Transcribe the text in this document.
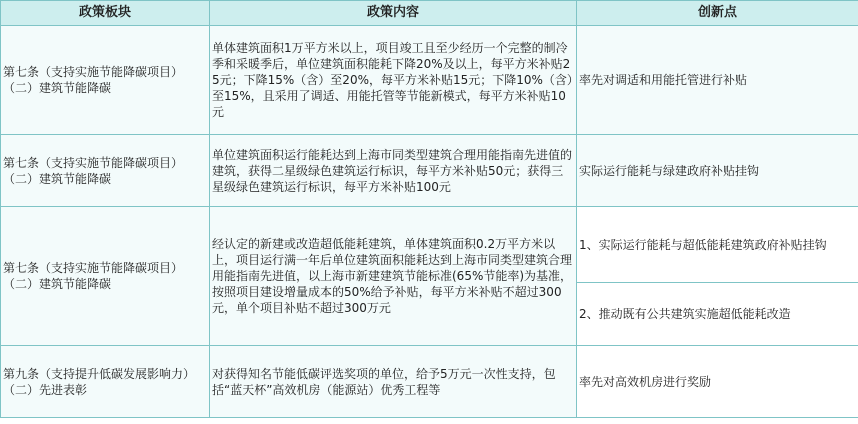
政策板块	政策内容	创新点
第七条（支持实施节能降碳项目）（二）建筑节能降碳	单体建筑面积1万平方米以上，项目竣工且至少经历一个完整的制冷季和采暖季后，单位建筑面积能耗下降20%及以上，每平方米补贴25元；下降15%（含）至20%，每平方米补贴15元；下降10%（含）至15%，且采用了调适、用能托管等节能新模式，每平方米补贴10元	率先对调适和用能托管进行补贴
第七条（支持实施节能降碳项目）（二）建筑节能降碳	单位建筑面积运行能耗达到上海市同类型建筑合理用能指南先进值的建筑，获得二星级绿色建筑运行标识，每平方米补贴50元；获得三星级绿色建筑运行标识，每平方米补贴100元	实际运行能耗与绿建政府补贴挂钩
第七条（支持实施节能降碳项目）（二）建筑节能降碳	经认定的新建或改造超低能耗建筑，单体建筑面积0.2万平方米以上，项目运行满一年后单位建筑面积能耗达到上海市同类型建筑合理用能指南先进值，以上海市新建建筑节能标准(65%节能率)为基准，按照项目建设增量成本的50%给予补贴，每平方米补贴不超过300元，单个项目补贴不超过300万元	1、实际运行能耗与超低能耗建筑政府补贴挂钩
2、推动既有公共建筑实施超低能耗改造

第九条（支持提升低碳发展影响力）（二）先进表彰	对获得知名节能低碳评选奖项的单位，给予5万元一次性支持，包括“蓝天杯”高效机房（能源站）优秀工程等	率先对高效机房进行奖励
